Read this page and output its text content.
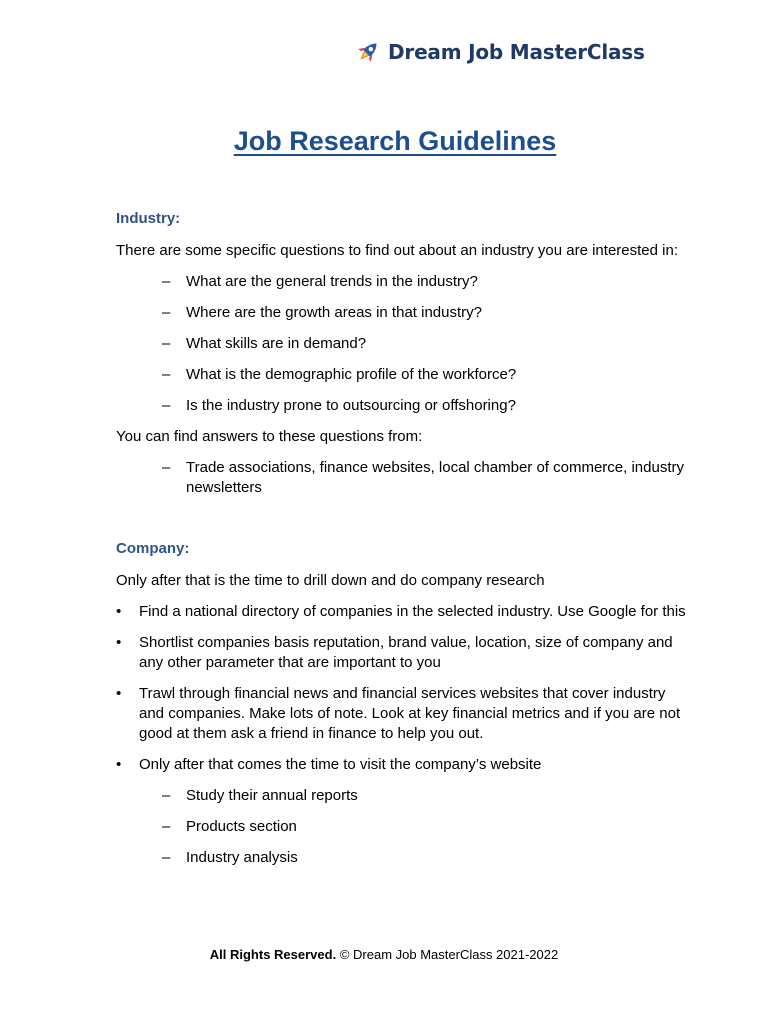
Dream Job MasterClass
Job Research Guidelines
Industry:

There are some specific questions to find out about an industry you are interested in:

– What are the general trends in the industry?
– Where are the growth areas in that industry?
– What skills are in demand?
– What is the demographic profile of the workforce?
– Is the industry prone to outsourcing or offshoring?

You can find answers to these questions from:

– Trade associations, finance websites, local chamber of commerce, industry newsletters
Company:

Only after that is the time to drill down and do company research

• Find a national directory of companies in the selected industry. Use Google for this
• Shortlist companies basis reputation, brand value, location, size of company and any other parameter that are important to you
• Trawl through financial news and financial services websites that cover industry and companies. Make lots of note. Look at key financial metrics and if you are not good at them ask a friend in finance to help you out.
• Only after that comes the time to visit the company’s website
– Study their annual reports
– Products section
– Industry analysis
All Rights Reserved. © Dream Job MasterClass 2021-2022
